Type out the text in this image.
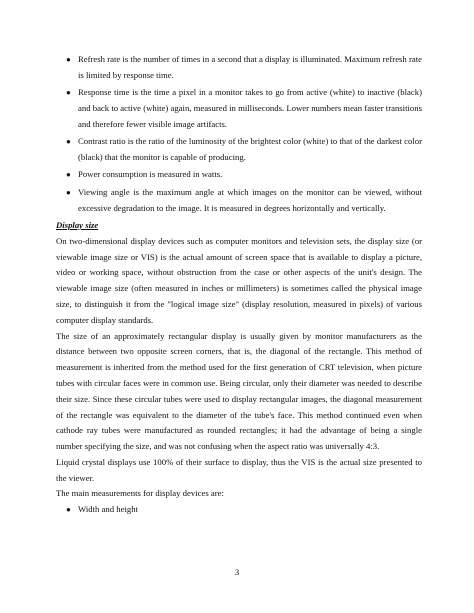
● Refresh rate is the number of times in a second that a display is illuminated. Maximum refresh rate is limited by response time.
● Response time is the time a pixel in a monitor takes to go from active (white) to inactive (black) and back to active (white) again, measured in milliseconds. Lower numbers mean faster transitions and therefore fewer visible image artifacts.
● Contrast ratio is the ratio of the luminosity of the brightest color (white) to that of the darkest color (black) that the monitor is capable of producing.
● Power consumption is measured in watts.
● Viewing angle is the maximum angle at which images on the monitor can be viewed, without excessive degradation to the image. It is measured in degrees horizontally and vertically.
Display size

On two-dimensional display devices such as computer monitors and television sets, the display size (or viewable image size or VIS) is the actual amount of screen space that is available to display a picture, video or working space, without obstruction from the case or other aspects of the unit's design. The viewable image size (often measured in inches or millimeters) is sometimes called the physical image size, to distinguish it from the "logical image size" (display resolution, measured in pixels) of various computer display standards.

The size of an approximately rectangular display is usually given by monitor manufacturers as the distance between two opposite screen corners, that is, the diagonal of the rectangle. This method of measurement is inherited from the method used for the first generation of CRT television, when picture tubes with circular faces were in common use. Being circular, only their diameter was needed to describe their size. Since these circular tubes were used to display rectangular images, the diagonal measurement of the rectangle was equivalent to the diameter of the tube's face. This method continued even when cathode ray tubes were manufactured as rounded rectangles; it had the advantage of being a single number specifying the size, and was not confusing when the aspect ratio was universally 4:3.

Liquid crystal displays use 100% of their surface to display, thus the VIS is the actual size presented to the viewer.

The main measurements for display devices are:

● Width and height
3
